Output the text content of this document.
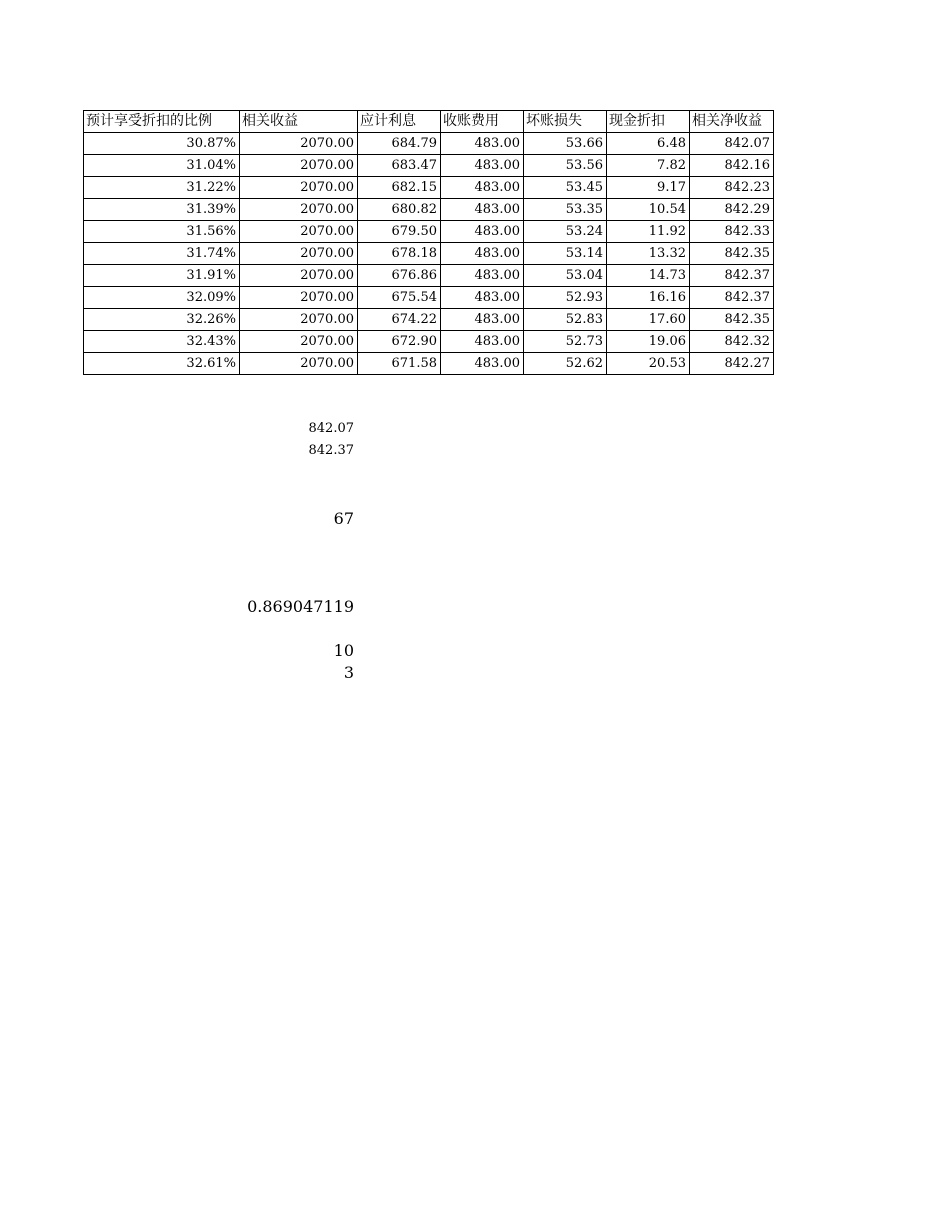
预计享受折扣的比例	相关收益	应计利息	收账费用	坏账损失	现金折扣	相关净收益
30.87%	2070.00	684.79	483.00	53.66	6.48	842.07
31.04%	2070.00	683.47	483.00	53.56	7.82	842.16
31.22%	2070.00	682.15	483.00	53.45	9.17	842.23
31.39%	2070.00	680.82	483.00	53.35	10.54	842.29
31.56%	2070.00	679.50	483.00	53.24	11.92	842.33
31.74%	2070.00	678.18	483.00	53.14	13.32	842.35
31.91%	2070.00	676.86	483.00	53.04	14.73	842.37
32.09%	2070.00	675.54	483.00	52.93	16.16	842.37
32.26%	2070.00	674.22	483.00	52.83	17.60	842.35
32.43%	2070.00	672.90	483.00	52.73	19.06	842.32
32.61%	2070.00	671.58	483.00	52.62	20.53	842.27
842.07
842.37
67
0.869047119
10
3
